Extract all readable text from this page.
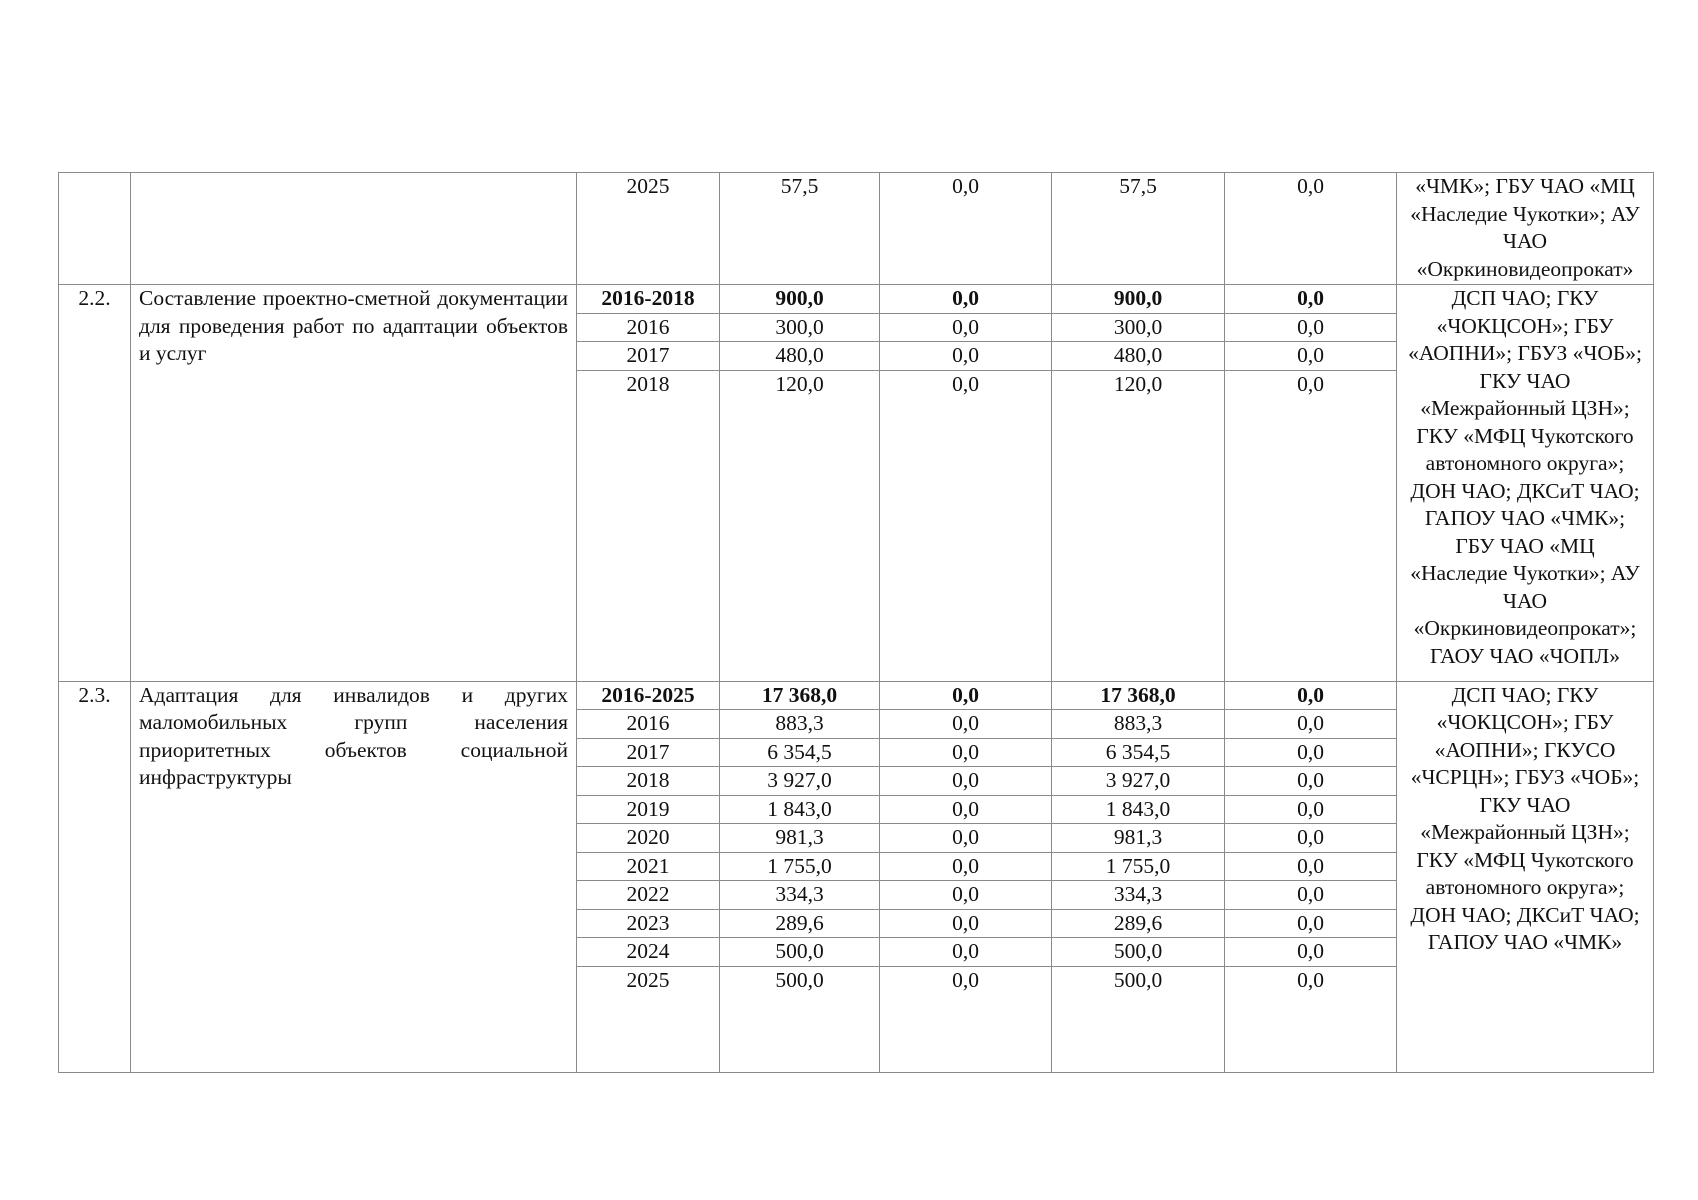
		2025	57,5	0,0	57,5	0,0	«ЧМК»; ГБУ ЧАО «МЦ «Наследие Чукотки»; АУ ЧАО «Окркиновидеопрокат»
2.2.	Составление проектно-сметной документации для проведения работ по адаптации объектов и услуг	2016-2018	900,0	0,0	900,0	0,0	ДСП ЧАО; ГКУ «ЧОКЦСОН»; ГБУ «АОПНИ»; ГБУЗ «ЧОБ»; ГКУ ЧАО «Межрайонный ЦЗН»; ГКУ «МФЦ Чукотского автономного округа»; ДОН ЧАО; ДКСиТ ЧАО; ГАПОУ ЧАО «ЧМК»; ГБУ ЧАО «МЦ «Наследие Чукотки»; АУ ЧАО «Окркиновидеопрокат»; ГАОУ ЧАО «ЧОПЛ»
		2016	300,0	0,0	300,0	0,0	
		2017	480,0	0,0	480,0	0,0	
		2018	120,0	0,0	120,0	0,0	
2.3.	Адаптация для инвалидов и других маломобильных групп населения приоритетных объектов социальной инфраструктуры	2016-2025	17 368,0	0,0	17 368,0	0,0	ДСП ЧАО; ГКУ «ЧОКЦСОН»; ГБУ «АОПНИ»; ГКУСО «ЧСРЦН»; ГБУЗ «ЧОБ»; ГКУ ЧАО «Межрайонный ЦЗН»; ГКУ «МФЦ Чукотского автономного округа»; ДОН ЧАО; ДКСиТ ЧАО; ГАПОУ ЧАО «ЧМК»
		2016	883,3	0,0	883,3	0,0	
		2017	6 354,5	0,0	6 354,5	0,0	
		2018	3 927,0	0,0	3 927,0	0,0	
		2019	1 843,0	0,0	1 843,0	0,0	
		2020	981,3	0,0	981,3	0,0	
		2021	1 755,0	0,0	1 755,0	0,0	
		2022	334,3	0,0	334,3	0,0	
		2023	289,6	0,0	289,6	0,0	
		2024	500,0	0,0	500,0	0,0	
		2025	500,0	0,0	500,0	0,0	
